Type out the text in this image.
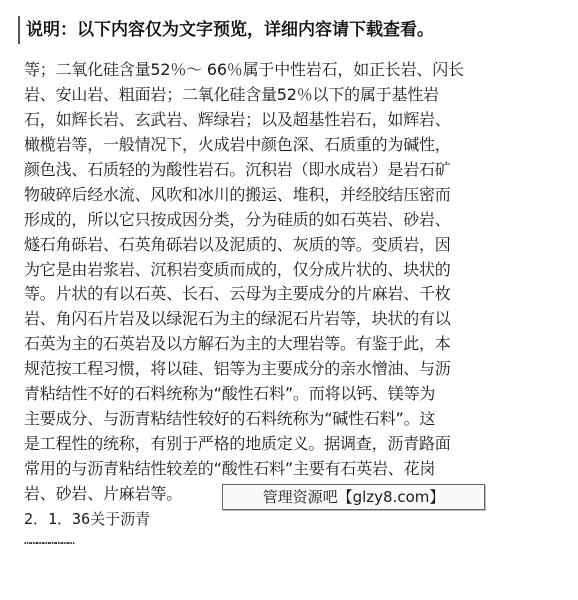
说明：以下内容仅为文字预览，详细内容请下载查看。

等；二氧化硅含量52％～ 66％属于中性岩石，如正长岩、闪长
岩、安山岩、粗面岩；二氧化硅含量52％以下的属于基性岩
石，如辉长岩、玄武岩、辉绿岩；以及超基性岩石，如辉岩、
橄榄岩等，一般情况下，火成岩中颜色深、石质重的为碱性，
颜色浅、石质轻的为酸性岩石。沉积岩（即水成岩）是岩石矿
物破碎后经水流、风吹和冰川的搬运、堆积，并经胶结压密而
形成的，所以它只按成因分类，分为硅质的如石英岩、砂岩、
燧石角砾岩、石英角砾岩以及泥质的、灰质的等。变质岩，因
为它是由岩浆岩、沉积岩变质而成的，仅分成片状的、块状的
等。片状的有以石英、长石、云母为主要成分的片麻岩、千枚
岩、角闪石片岩及以绿泥石为主的绿泥石片岩等，块状的有以
石英为主的石英岩及以方解石为主的大理岩等。有鉴于此，本
规范按工程习惯，将以硅、铝等为主要成分的亲水憎油、与沥
青粘结性不好的石料统称为“酸性石料”。而将以钙、镁等为
主要成分、与沥青粘结性较好的石料统称为“碱性石料”。这
是工程性的统称，有别于严格的地质定义。据调查，沥青路面
常用的与沥青粘结性较差的“酸性石料”主要有石英岩、花岗
岩、砂岩、片麻岩等。	管理资源吧【glzy8.com】
2．1．36关于沥青
……………………
